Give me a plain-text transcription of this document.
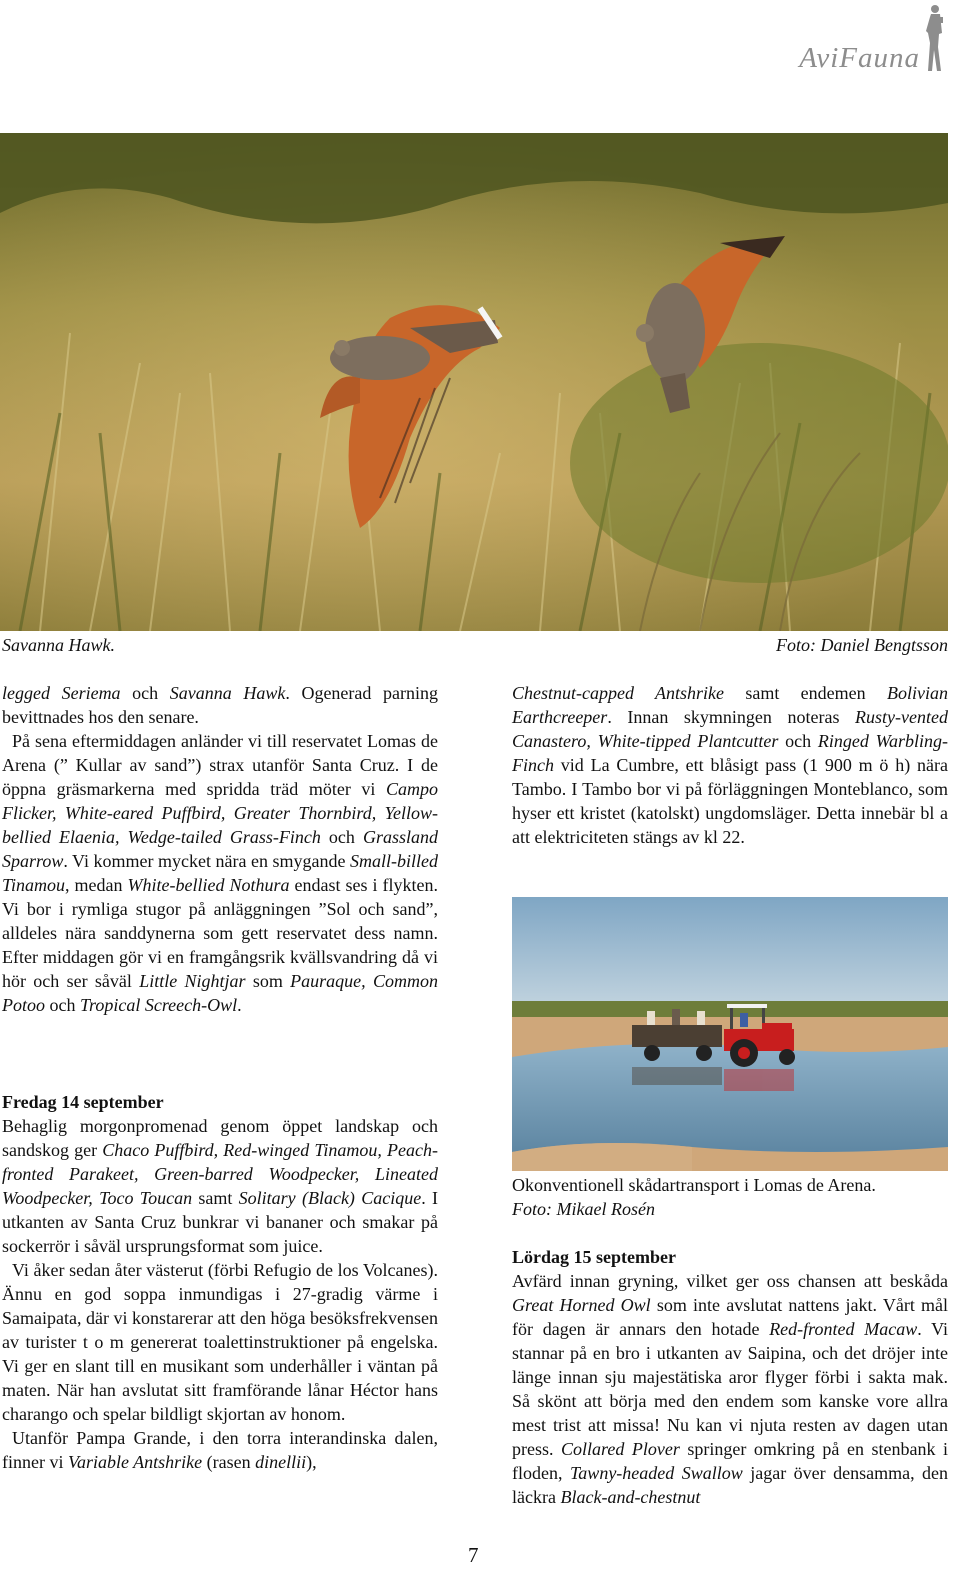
AviFauna
Savanna Hawk.	Foto: Daniel Bengtsson

legged Seriema och Savanna Hawk. Ogenerad parning bevittnades hos den senare.

På sena eftermiddagen anländer vi till reservatet Lomas de Arena (” Kullar av sand”) strax utanför Santa Cruz. I de öppna gräsmarkerna med spridda träd möter vi Campo Flicker, White-eared Puffbird, Greater Thornbird, Yellow-bellied Elaenia, Wedge-tailed Grass-Finch och Grassland Sparrow. Vi kommer mycket nära en smygande Small-billed Tinamou, medan White-bellied Nothura endast ses i flykten. Vi bor i rymliga stugor på anläggningen ”Sol och sand”, alldeles nära sanddynerna som gett reservatet dess namn. Efter middagen gör vi en framgångsrik kvällsvandring då vi hör och ser såväl Little Nightjar som Pauraque, Common Potoo och Tropical Screech-Owl.

Fredag 14 september

Behaglig morgonpromenad genom öppet landskap och sandskog ger Chaco Puffbird, Red-winged Tinamou, Peach-fronted Parakeet, Green-barred Woodpecker, Lineated Woodpecker, Toco Toucan samt Solitary (Black) Cacique. I utkanten av Santa Cruz bunkrar vi bananer och smakar på sockerrör i såväl ursprungsformat som juice.

Vi åker sedan åter västerut (förbi Refugio de los Volcanes). Ännu en god soppa inmundigas i 27-gradig värme i Samaipata, där vi konstarerar att den höga besöksfrekvensen av turister t o m genererat toalettinstruktioner på engelska. Vi ger en slant till en musikant som underhåller i väntan på maten. När han avslutat sitt framförande lånar Héctor hans charango och spelar bildligt skjortan av honom.

Utanför Pampa Grande, i den torra interandinska dalen, finner vi Variable Antshrike (rasen dinellii),

Chestnut-capped Antshrike samt endemen Bolivian Earthcreeper. Innan skymningen noteras Rusty-vented Canastero, White-tipped Plantcutter och Ringed Warbling-Finch vid La Cumbre, ett blåsigt pass (1 900 m ö h) nära Tambo. I Tambo bor vi på förläggningen Monteblanco, som hyser ett kristet (katolskt) ungdomsläger. Detta innebär bl a att elektriciteten stängs av kl 22.

Okonventionell skådartransport i Lomas de Arena.

Foto: Mikael Rosén

Lördag 15 september

Avfärd innan gryning, vilket ger oss chansen att beskåda Great Horned Owl som inte avslutat nattens jakt. Vårt mål för dagen är annars den hotade Red-fronted Macaw. Vi stannar på en bro i utkanten av Saipina, och det dröjer inte länge innan sju majestätiska aror flyger förbi i sakta mak. Så skönt att börja med den endem som kanske vore allra mest trist att missa! Nu kan vi njuta resten av dagen utan press. Collared Plover springer omkring på en stenbank i floden, Tawny-headed Swallow jagar över densamma, den läckra Black-and-chestnut

7
